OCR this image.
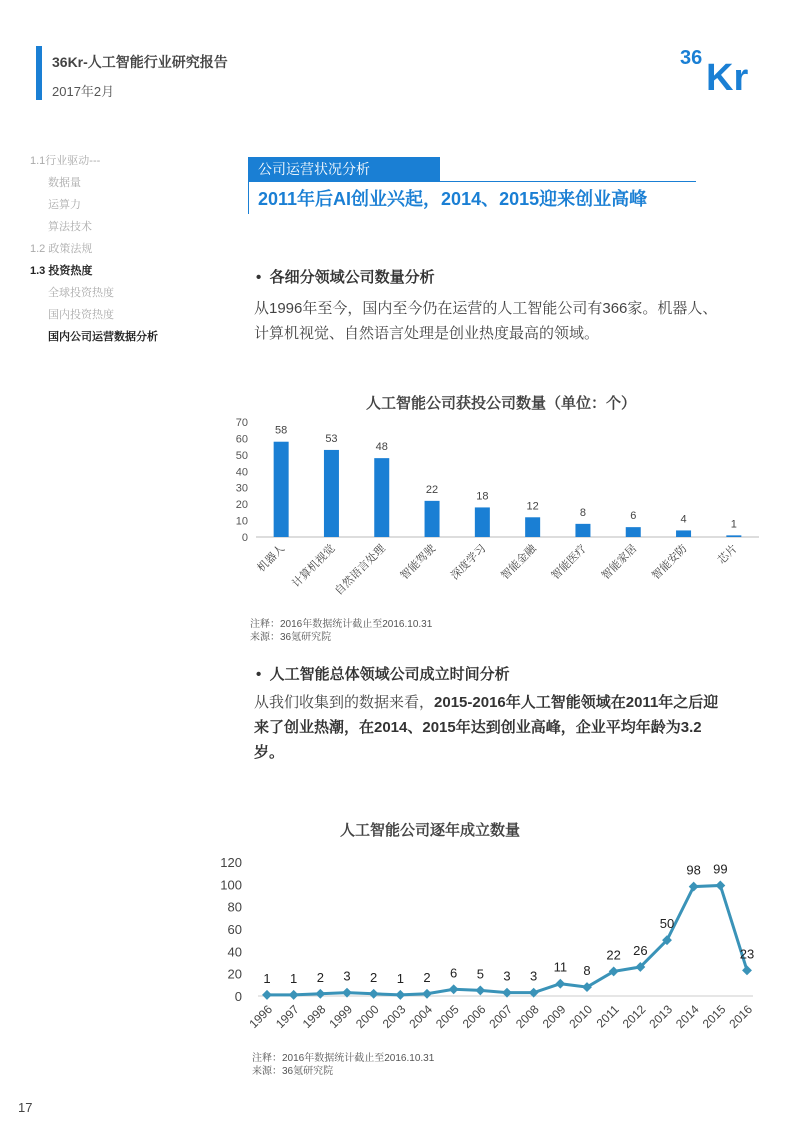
36Kr-人工智能行业研究报告
2017年2月
36 Kr
1.1行业驱动---
数据量
运算力
算法技术
1.2 政策法规
1.3 投资热度
全球投资热度
国内投资热度
国内公司运营数据分析
公司运营状况分析
2011年后AI创业兴起，2014、2015迎来创业高峰
•  各细分领域公司数量分析
从1996年至今，国内至今仍在运营的人工智能公司有366家。机器人、计算机视觉、自然语言处理是创业热度最高的领域。
人工智能公司获投公司数量（单位：个）
0
10
20
30
40
50
60
70
58
机器人
53
计算机视觉
48
自然语言处理
22
智能驾驶
18
深度学习
12
智能金融
8
智能医疗
6
智能家居
4
智能安防
1
芯片
注释：2016年数据统计截止至2016.10.31
来源：36氪研究院
•  人工智能总体领域公司成立时间分析
从我们收集到的数据来看，2015-2016年人工智能领域在2011年之后迎来了创业热潮，在2014、2015年达到创业高峰，企业平均年龄为3.2 岁。
人工智能公司逐年成立数量
0
20
40
60
80
100
120
1
1996
1
1997
2
1998
3
1999
2
2000
1
2003
2
2004
6
2005
5
2006
3
2007
3
2008
11
2009
8
2010
22
2011
26
2012
50
2013
98
2014
99
2015
23
2016
注释：2016年数据统计截止至2016.10.31
来源：36氪研究院
17
